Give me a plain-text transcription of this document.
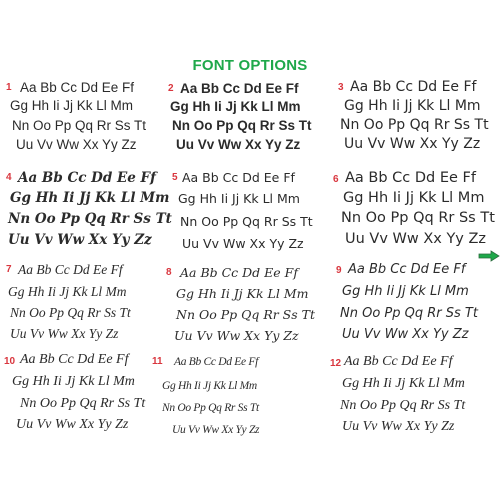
FONT OPTIONS
1 Aa Bb Cc Dd Ee Ff
Gg Hh Ii Jj Kk Ll Mm
Nn Oo Pp Qq Rr Ss Tt
Uu Vv Ww Xx Yy Zz
2 Aa Bb Cc Dd Ee Ff
Gg Hh Ii Jj Kk Ll Mm
Nn Oo Pp Qq Rr Ss Tt
Uu Vv Ww Xx Yy Zz
3 Aa Bb Cc Dd Ee Ff
Gg Hh Ii Jj Kk Ll Mm
Nn Oo Pp Qq Rr Ss Tt
Uu Vv Ww Xx Yy Zz
4 Aa Bb Cc Dd Ee Ff
Gg Hh Ii Jj Kk Ll Mm
Nn Oo Pp Qq Rr Ss Tt
Uu Vv Ww Xx Yy Zz
5 Aa Bb Cc Dd Ee Ff
Gg Hh Ii Jj Kk Ll Mm
Nn Oo Pp Qq Rr Ss Tt
Uu Vv Ww Xx Yy Zz
6 Aa Bb Cc Dd Ee Ff
Gg Hh Ii Jj Kk Ll Mm
Nn Oo Pp Qq Rr Ss Tt
Uu Vv Ww Xx Yy Zz
7 Aa Bb Cc Dd Ee Ff
Gg Hh Ii Jj Kk Ll Mm
Nn Oo Pp Qq Rr Ss Tt
Uu Vv Ww Xx Yy Zz
8 Aa Bb Cc Dd Ee Ff
Gg Hh Ii Jj Kk Ll Mm
Nn Oo Pp Qq Rr Ss Tt
Uu Vv Ww Xx Yy Zz
9 Aa Bb Cc Dd Ee Ff
Gg Hh Ii Jj Kk Ll Mm
Nn Oo Pp Qq Rr Ss Tt
Uu Vv Ww Xx Yy Zz
10 Aa Bb Cc Dd Ee Ff
Gg Hh Ii Jj Kk Ll Mm
Nn Oo Pp Qq Rr Ss Tt
Uu Vv Ww Xx Yy Zz
11 Aa Bb Cc Dd Ee Ff
Gg Hh Ii Jj Kk Ll Mm
Nn Oo Pp Qq Rr Ss Tt
Uu Vv Ww Xx Yy Zz
12 Aa Bb Cc Dd Ee Ff
Gg Hh Ii Jj Kk Ll Mm
Nn Oo Pp Qq Rr Ss Tt
Uu Vv Ww Xx Yy Zz
